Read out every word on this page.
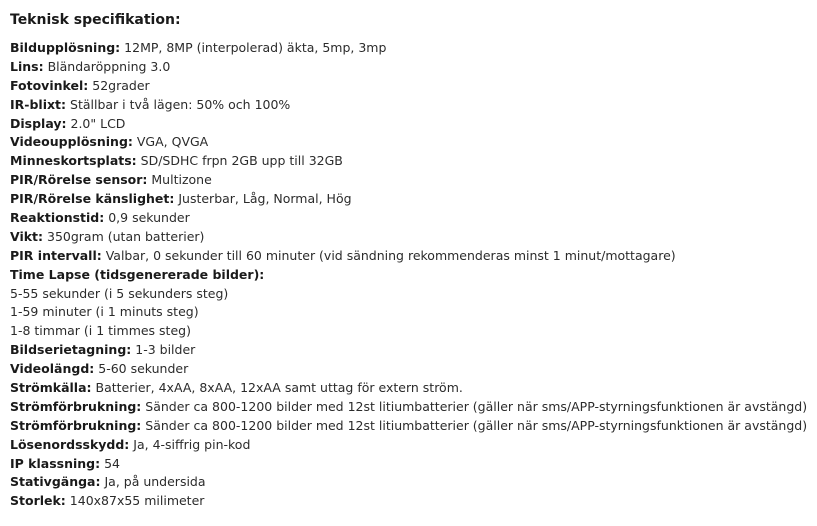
Teknisk specifikation:
Bildupplösning: 12MP, 8MP (interpolerad) äkta, 5mp, 3mp
Lins: Bländaröppning 3.0
Fotovinkel: 52grader
IR-blixt: Ställbar i två lägen: 50% och 100%
Display: 2.0" LCD
Videoupplösning: VGA, QVGA
Minneskortsplats: SD/SDHC frpn 2GB upp till 32GB
PIR/Rörelse sensor: Multizone
PIR/Rörelse känslighet: Justerbar, Låg, Normal, Hög
Reaktionstid: 0,9 sekunder
Vikt: 350gram (utan batterier)
PIR intervall: Valbar, 0 sekunder till 60 minuter (vid sändning rekommenderas minst 1 minut/mottagare)
Time Lapse (tidsgenererade bilder):
5-55 sekunder (i 5 sekunders steg)
1-59 minuter (i 1 minuts steg)
1-8 timmar (i 1 timmes steg)
Bildserietagning: 1-3 bilder
Videolängd: 5-60 sekunder
Strömkälla: Batterier, 4xAA, 8xAA, 12xAA samt uttag för extern ström.
Strömförbrukning: Sänder ca 800-1200 bilder med 12st litiumbatterier (gäller när sms/APP-styrningsfunktionen är avstängd)
Strömförbrukning: Sänder ca 800-1200 bilder med 12st litiumbatterier (gäller när sms/APP-styrningsfunktionen är avstängd)
Lösenordsskydd: Ja, 4-siffrig pin-kod
IP klassning: 54
Stativgänga: Ja, på undersida
Storlek: 140x87x55 milimeter
